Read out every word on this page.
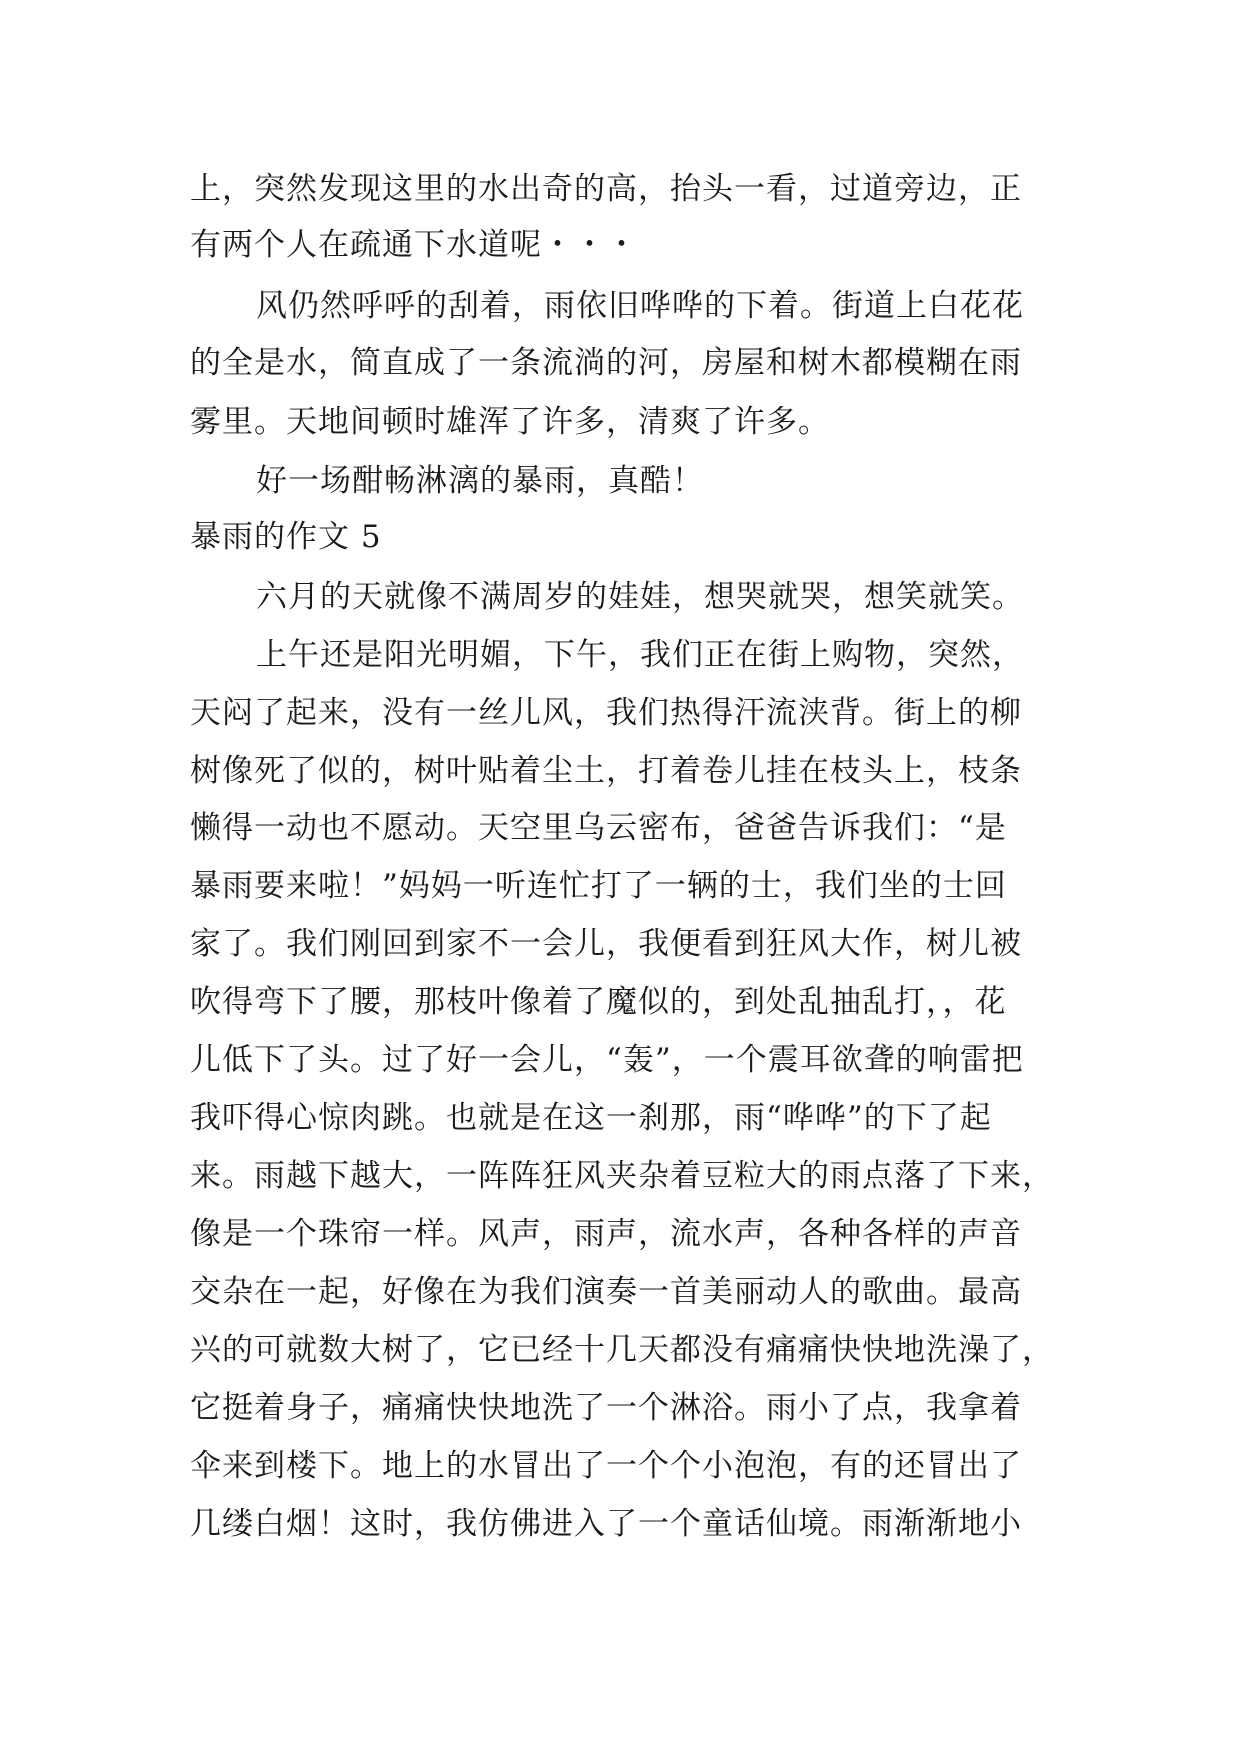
上，突然发现这里的水出奇的高，抬头一看，过道旁边，正
有两个人在疏通下水道呢・・・
风仍然呼呼的刮着，雨依旧哗哗的下着。街道上白花花
的全是水，简直成了一条流淌的河，房屋和树木都模糊在雨
雾里。天地间顿时雄浑了许多，清爽了许多。
好一场酣畅淋漓的暴雨，真酷！
暴雨的作文 5
六月的天就像不满周岁的娃娃，想哭就哭，想笑就笑。
上午还是阳光明媚，下午，我们正在街上购物，突然，
天闷了起来，没有一丝儿风，我们热得汗流浃背。街上的柳
树像死了似的，树叶贴着尘土，打着卷儿挂在枝头上，枝条
懒得一动也不愿动。天空里乌云密布，爸爸告诉我们：“是
暴雨要来啦！”妈妈一听连忙打了一辆的士，我们坐的士回
家了。我们刚回到家不一会儿，我便看到狂风大作，树儿被
吹得弯下了腰，那枝叶像着了魔似的，到处乱抽乱打，，花
儿低下了头。过了好一会儿，“轰”，一个震耳欲聋的响雷把
我吓得心惊肉跳。也就是在这一刹那，雨“哗哗”的下了起
来。雨越下越大，一阵阵狂风夹杂着豆粒大的雨点落了下来，
像是一个珠帘一样。风声，雨声，流水声，各种各样的声音
交杂在一起，好像在为我们演奏一首美丽动人的歌曲。最高
兴的可就数大树了，它已经十几天都没有痛痛快快地洗澡了，
它挺着身子，痛痛快快地洗了一个淋浴。雨小了点，我拿着
伞来到楼下。地上的水冒出了一个个小泡泡，有的还冒出了
几缕白烟！这时，我仿佛进入了一个童话仙境。雨渐渐地小
